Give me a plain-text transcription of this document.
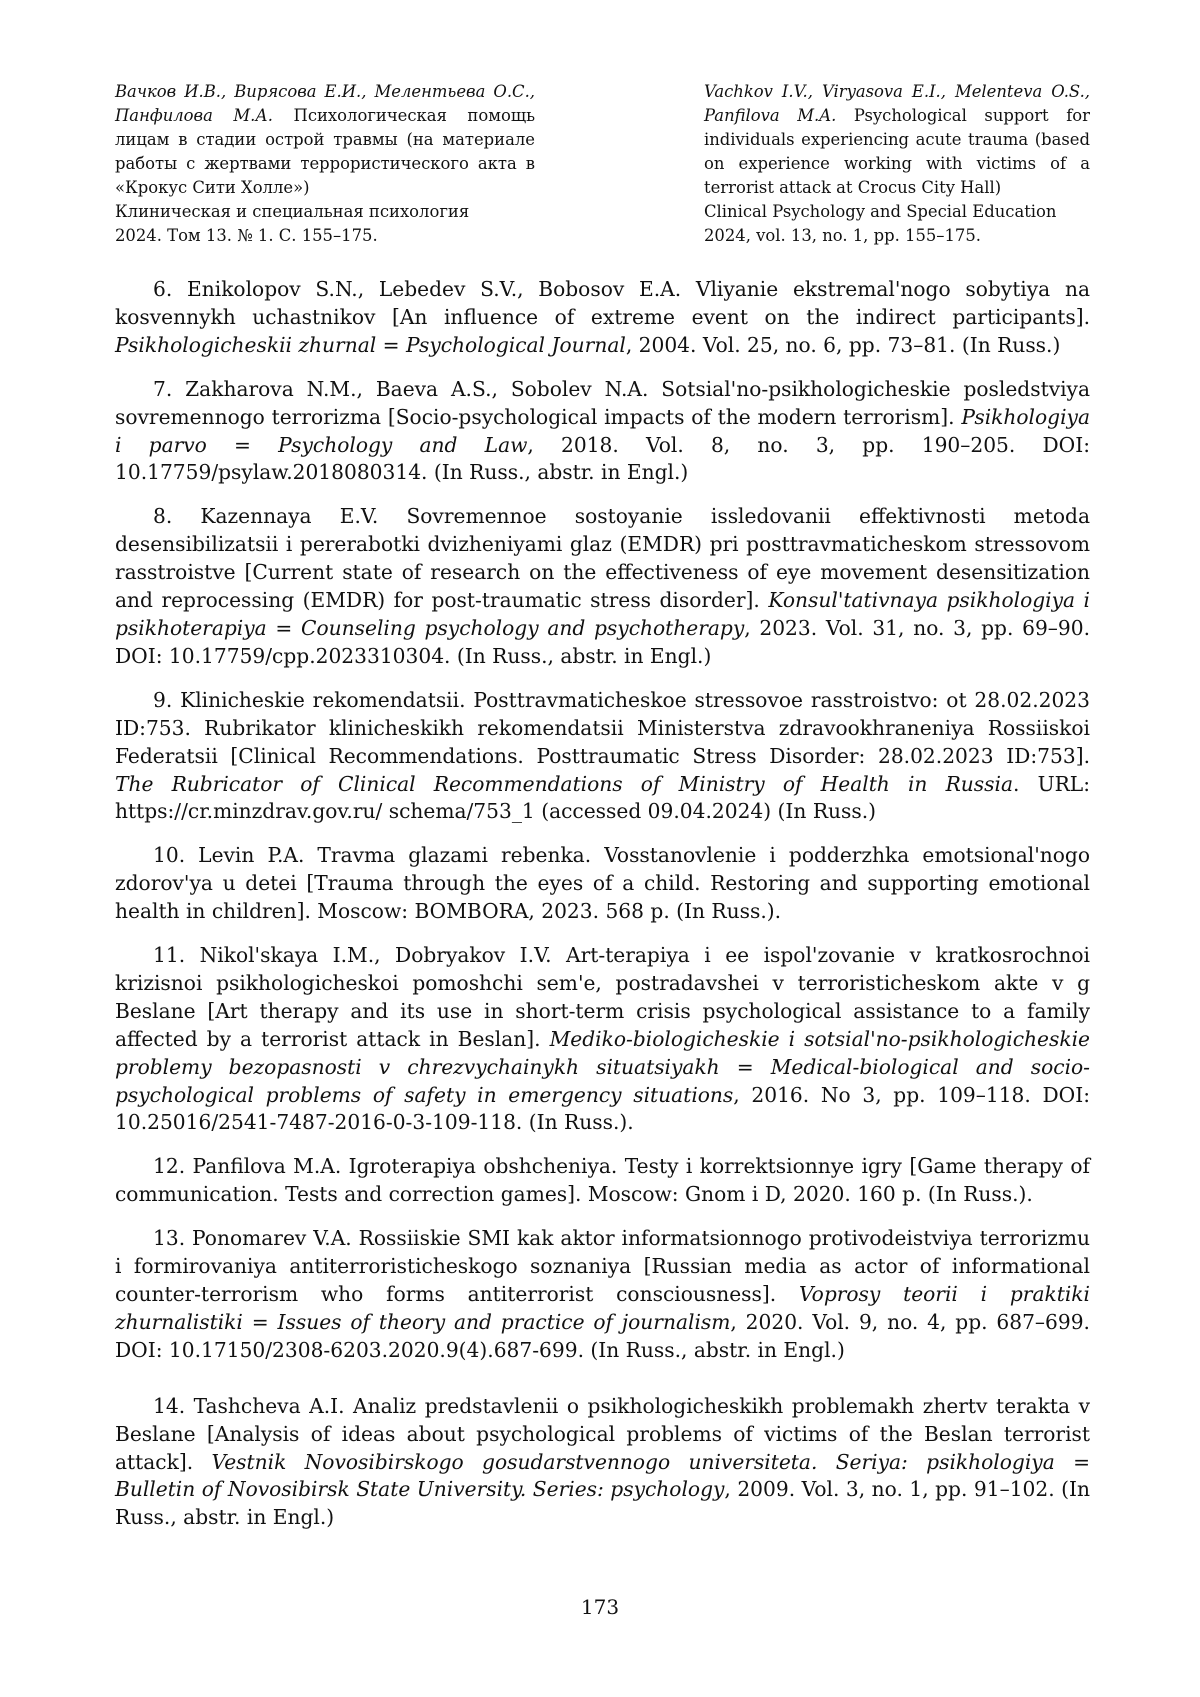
Вачков И.В., Вирясова Е.И., Мелентьева О.С., Панфилова М.А. Психологическая помощь лицам в стадии острой травмы (на материале работы с жертвами террористического акта в «Крокус Сити Холле»)

Клиническая и специальная психология

2024. Том 13. № 1. С. 155–175.

Vachkov I.V., Viryasova E.I., Melenteva O.S., Panfilova M.A. Psychological support for individuals experiencing acute trauma (based on experience working with victims of a terrorist attack at Crocus City Hall)

Clinical Psychology and Special Education

2024, vol. 13, no. 1, pp. 155–175.

6. Enikolopov S.N., Lebedev S.V., Bobosov E.A. Vliyanie ekstremal'nogo sobytiya na kosvennykh uchastnikov [An influence of extreme event on the indirect participants]. Psikhologicheskii zhurnal = Psychological Journal, 2004. Vol. 25, no. 6, pp. 73–81. (In Russ.)

7. Zakharova N.M., Baeva A.S., Sobolev N.A. Sotsial'no-psikhologicheskie posledstviya sovremennogo terrorizma [Socio-psychological impacts of the modern terrorism]. Psikhologiya i parvo = Psychology and Law, 2018. Vol. 8, no. 3, pp. 190–205. DOI: 10.17759/psylaw.2018080314. (In Russ., abstr. in Engl.)

8. Kazennaya E.V. Sovremennoe sostoyanie issledovanii effektivnosti metoda desensibilizatsii i pererabotki dvizheniyami glaz (EMDR) pri posttravmaticheskom stressovom rasstroistve [Current state of research on the effectiveness of eye movement desensitization and reprocessing (EMDR) for post-traumatic stress disorder]. Konsul'tativnaya psikhologiya i psikhoterapiya = Counseling psychology and psychotherapy, 2023. Vol. 31, no. 3, pp. 69–90. DOI: 10.17759/cpp.2023310304. (In Russ., abstr. in Engl.)

9. Klinicheskie rekomendatsii. Posttravmaticheskoe stressovoe rasstroistvo: ot 28.02.2023 ID:753. Rubrikator klinicheskikh rekomendatsii Ministerstva zdravookhraneniya Rossiiskoi Federatsii [Clinical Recommendations. Posttraumatic Stress Disorder: 28.02.2023 ID:753]. The Rubricator of Clinical Recommendations of Ministry of Health in Russia. URL: https://cr.minzdrav.gov.ru/ schema/753_1 (accessed 09.04.2024) (In Russ.)

10. Levin P.A. Travma glazami rebenka. Vosstanovlenie i podderzhka emotsional'nogo zdorov'ya u detei [Trauma through the eyes of a child. Restoring and supporting emotional health in children]. Moscow: BOMBORA, 2023. 568 p. (In Russ.).

11. Nikol'skaya I.M., Dobryakov I.V. Art-terapiya i ee ispol'zovanie v kratkosrochnoi krizisnoi psikhologicheskoi pomoshchi sem'e, postradavshei v terroristicheskom akte v g Beslane [Art therapy and its use in short-term crisis psychological assistance to a family affected by a terrorist attack in Beslan]. Mediko-biologicheskie i sotsial'no-psikhologicheskie problemy bezopasnosti v chrezvychainykh situatsiyakh = Medical-biological and socio-psychological problems of safety in emergency situations, 2016. No 3, pp. 109–118. DOI: 10.25016/2541-7487-2016-0-3-109-118. (In Russ.).

12. Panfilova M.A. Igroterapiya obshcheniya. Testy i korrektsionnye igry [Game therapy of communication. Tests and correction games]. Moscow: Gnom i D, 2020. 160 p. (In Russ.).

13. Ponomarev V.A. Rossiiskie SMI kak aktor informatsionnogo protivodeistviya terrorizmu i formirovaniya antiterroristicheskogo soznaniya [Russian media as actor of informational counter-terrorism who forms antiterrorist consciousness]. Voprosy teorii i praktiki zhurnalistiki = Issues of theory and practice of journalism, 2020. Vol. 9, no. 4, pp. 687–699. DOI: 10.17150/2308-6203.2020.9(4).687-699. (In Russ., abstr. in Engl.)

14. Tashcheva A.I. Analiz predstavlenii o psikhologicheskikh problemakh zhertv terakta v Beslane [Analysis of ideas about psychological problems of victims of the Beslan terrorist attack]. Vestnik Novosibirskogo gosudarstvennogo universiteta. Seriya: psikhologiya = Bulletin of Novosibirsk State University. Series: psychology, 2009. Vol. 3, no. 1, pp. 91–102. (In Russ., abstr. in Engl.)

173
